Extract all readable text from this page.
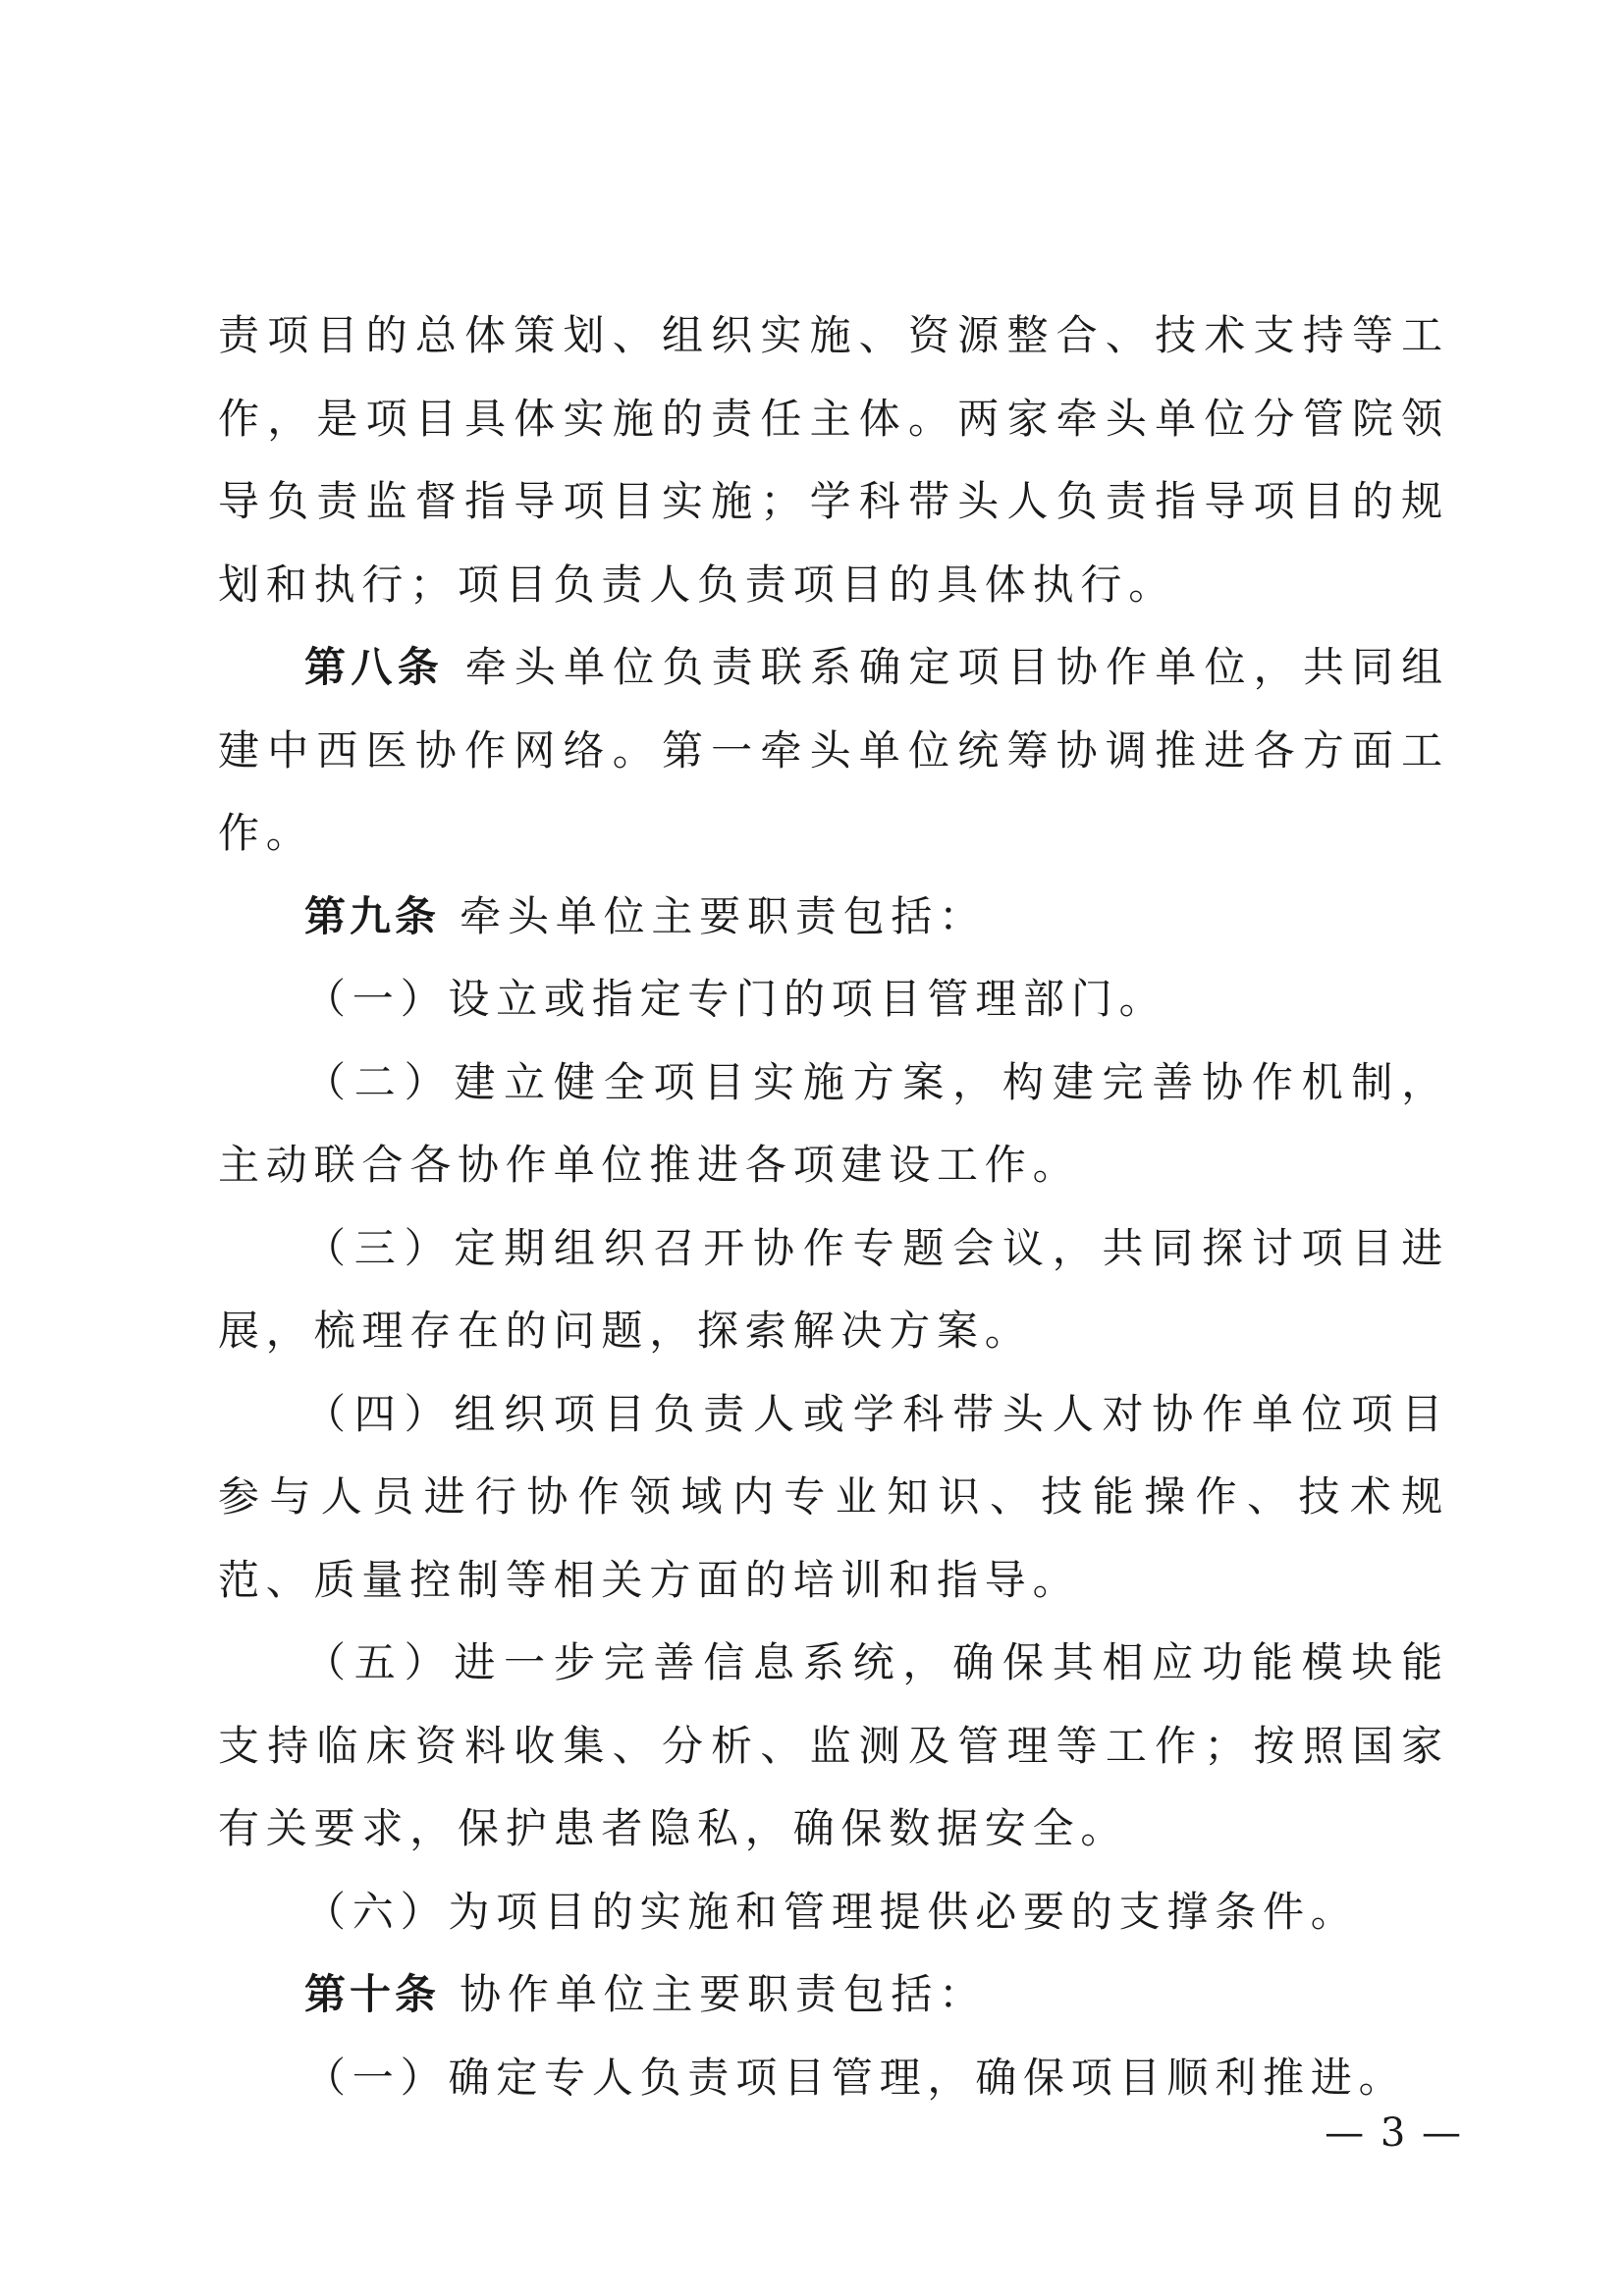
责项目的总体策划、组织实施、资源整合、技术支持等工作，是项目具体实施的责任主体。两家牵头单位分管院领导负责监督指导项目实施；学科带头人负责指导项目的规划和执行；项目负责人负责项目的具体执行。

第八条 牵头单位负责联系确定项目协作单位，共同组建中西医协作网络。第一牵头单位统筹协调推进各方面工作。

第九条 牵头单位主要职责包括：

（一）设立或指定专门的项目管理部门。

（二）建立健全项目实施方案，构建完善协作机制，主动联合各协作单位推进各项建设工作。

（三）定期组织召开协作专题会议，共同探讨项目进展，梳理存在的问题，探索解决方案。

（四）组织项目负责人或学科带头人对协作单位项目参与人员进行协作领域内专业知识、技能操作、技术规范、质量控制等相关方面的培训和指导。

（五）进一步完善信息系统，确保其相应功能模块能支持临床资料收集、分析、监测及管理等工作；按照国家有关要求，保护患者隐私，确保数据安全。

（六）为项目的实施和管理提供必要的支撑条件。

第十条 协作单位主要职责包括：

（一）确定专人负责项目管理，确保项目顺利推进。

— 3 —
